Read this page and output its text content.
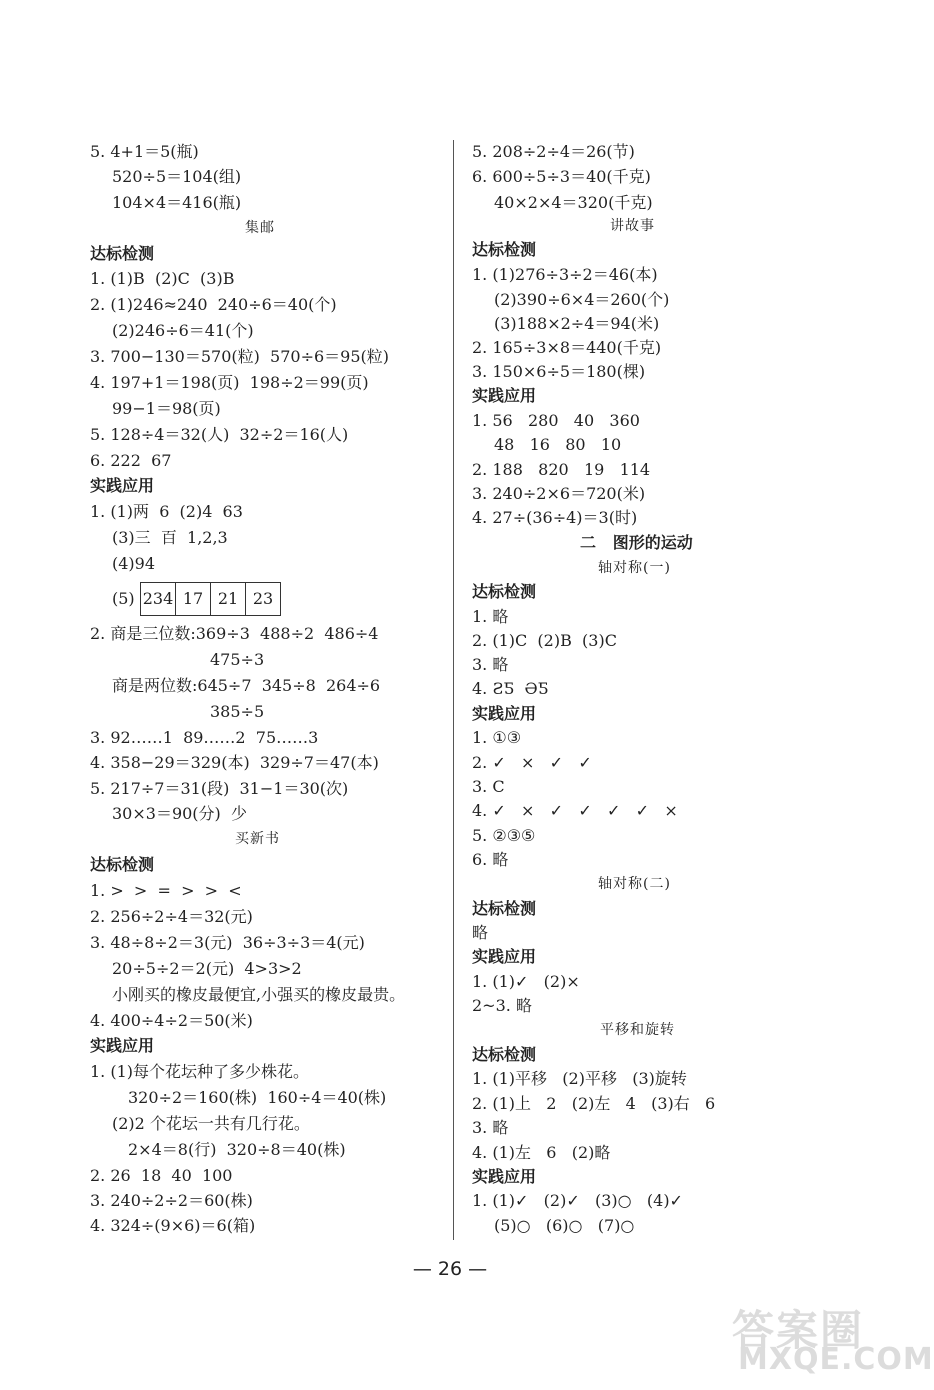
5. 4+1＝5(瓶)
520÷5＝104(组)
104×4＝416(瓶)
集邮
达标检测
1. (1)B  (2)C  (3)B
2. (1)246≈240  240÷6＝40(个)
(2)246÷6＝41(个)
3. 700−130＝570(粒)  570÷6＝95(粒)
4. 197+1＝198(页)  198÷2＝99(页)
99−1＝98(页)
5. 128÷4＝32(人)  32÷2＝16(人)
6. 222  67
实践应用
1. (1)两  6  (2)4  63
(3)三  百  1,2,3
(4)94
(5)
2. 商是三位数:369÷3  488÷2  486÷4
475÷3
商是两位数:645÷7  345÷8  264÷6
385÷5
3. 92……1  89……2  75……3
4. 358−29＝329(本)  329÷7＝47(本)
5. 217÷7＝31(段)  31−1＝30(次)
30×3＝90(分)  少
买新书
达标检测
1. >  >  =  >  >  <
2. 256÷2÷4＝32(元)
3. 48÷8÷2＝3(元)  36÷3÷3＝4(元)
20÷5÷2＝2(元)  4>3>2
小刚买的橡皮最便宜,小强买的橡皮最贵。
4. 400÷4÷2＝50(米)
实践应用
1. (1)每个花坛种了多少株花。
320÷2＝160(株)  160÷4＝40(株)
(2)2 个花坛一共有几行花。
2×4＝8(行)  320÷8＝40(株)
2. 26  18  40  100
3. 240÷2÷2＝60(株)
4. 324÷(9×6)＝6(箱)
234 17 21 23
5. 208÷2÷4＝26(节)
6. 600÷5÷3＝40(千克)
40×2×4＝320(千克)
讲故事
达标检测
1. (1)276÷3÷2＝46(本)
(2)390÷6×4＝260(个)
(3)188×2÷4＝94(米)
2. 165÷3×8＝440(千克)
3. 150×6÷5＝180(棵)
实践应用
1. 56   280   40   360
48   16   80   10
2. 188   820   19   114
3. 240÷2×6＝720(米)
4. 27÷(36÷4)＝3(时)
二   图形的运动
轴对称(一)
达标检测
1. 略
2. (1)C  (2)B  (3)C
3. 略
4. ƧƼ  ƏƼ
实践应用
1. ①③
2. ✓   ×   ✓   ✓
3. C
4. ✓   ×   ✓   ✓   ✓   ✓   ×
5. ②③⑤
6. 略
轴对称(二)
达标检测
略
实践应用
1. (1)✓   (2)×
2~3. 略
平移和旋转
达标检测
1. (1)平移   (2)平移   (3)旋转
2. (1)上   2   (2)左   4   (3)右   6
3. 略
4. (1)左   6   (2)略
实践应用
1. (1)✓   (2)✓   (3)○   (4)✓
(5)○   (6)○   (7)○
— 26 —
答案圈
MXQE.COM
